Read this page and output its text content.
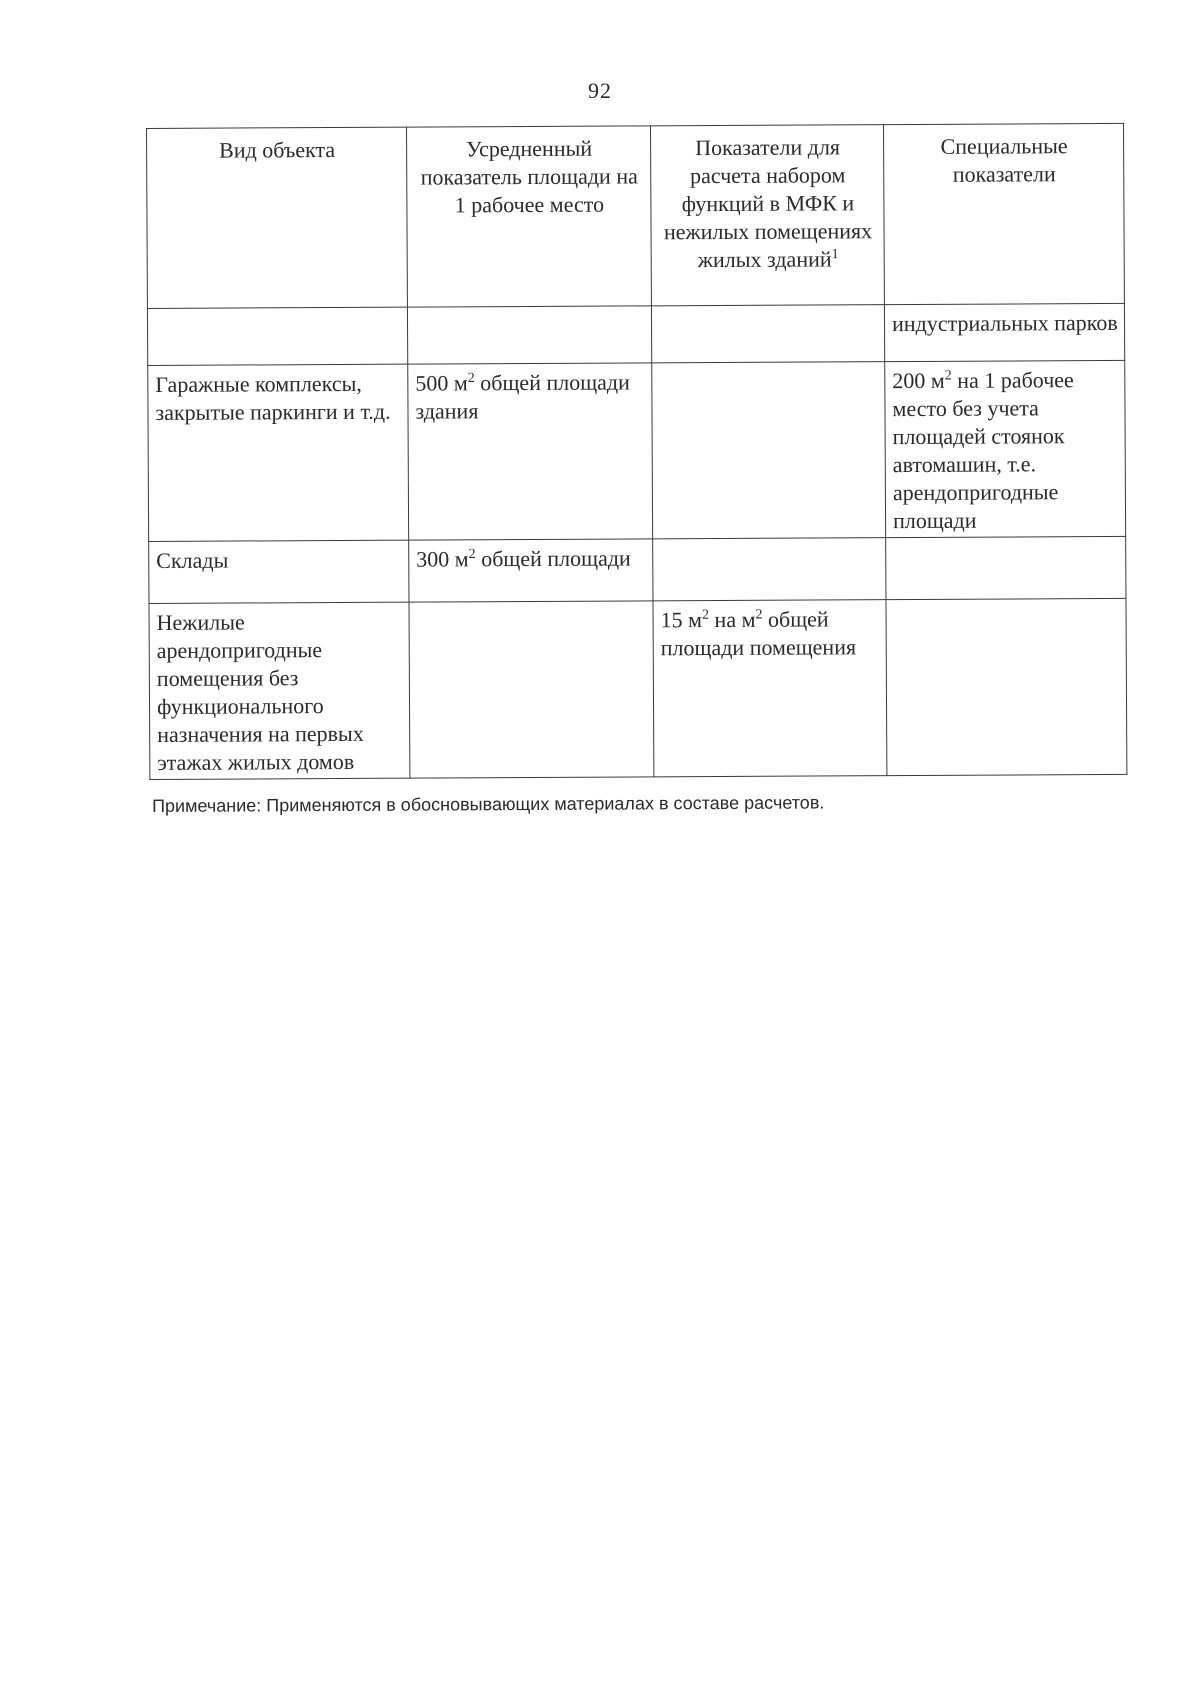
92
Вид объекта	Усредненный показатель площади на 1 рабочее место	Показатели для расчета набором функций в МФК и нежилых помещениях жилых зданий$^1$	Специальные показатели
			индустриальных парков
Гаражные комплексы, закрытые паркинги и т.д.	500 $м^2$ общей площади здания		200 $м^2$ на 1 рабочее место без учета площадей стоянок автомашин, т.е. арендопригодные площади
Склады	300 $м^2$ общей площади		
Нежилые арендопригодные помещения без функционального назначения на первых этажах жилых домов		15 $м^2$ на $м^2$ общей площади помещения	
Примечание: Применяются в обосновывающих материалах в составе расчетов.
